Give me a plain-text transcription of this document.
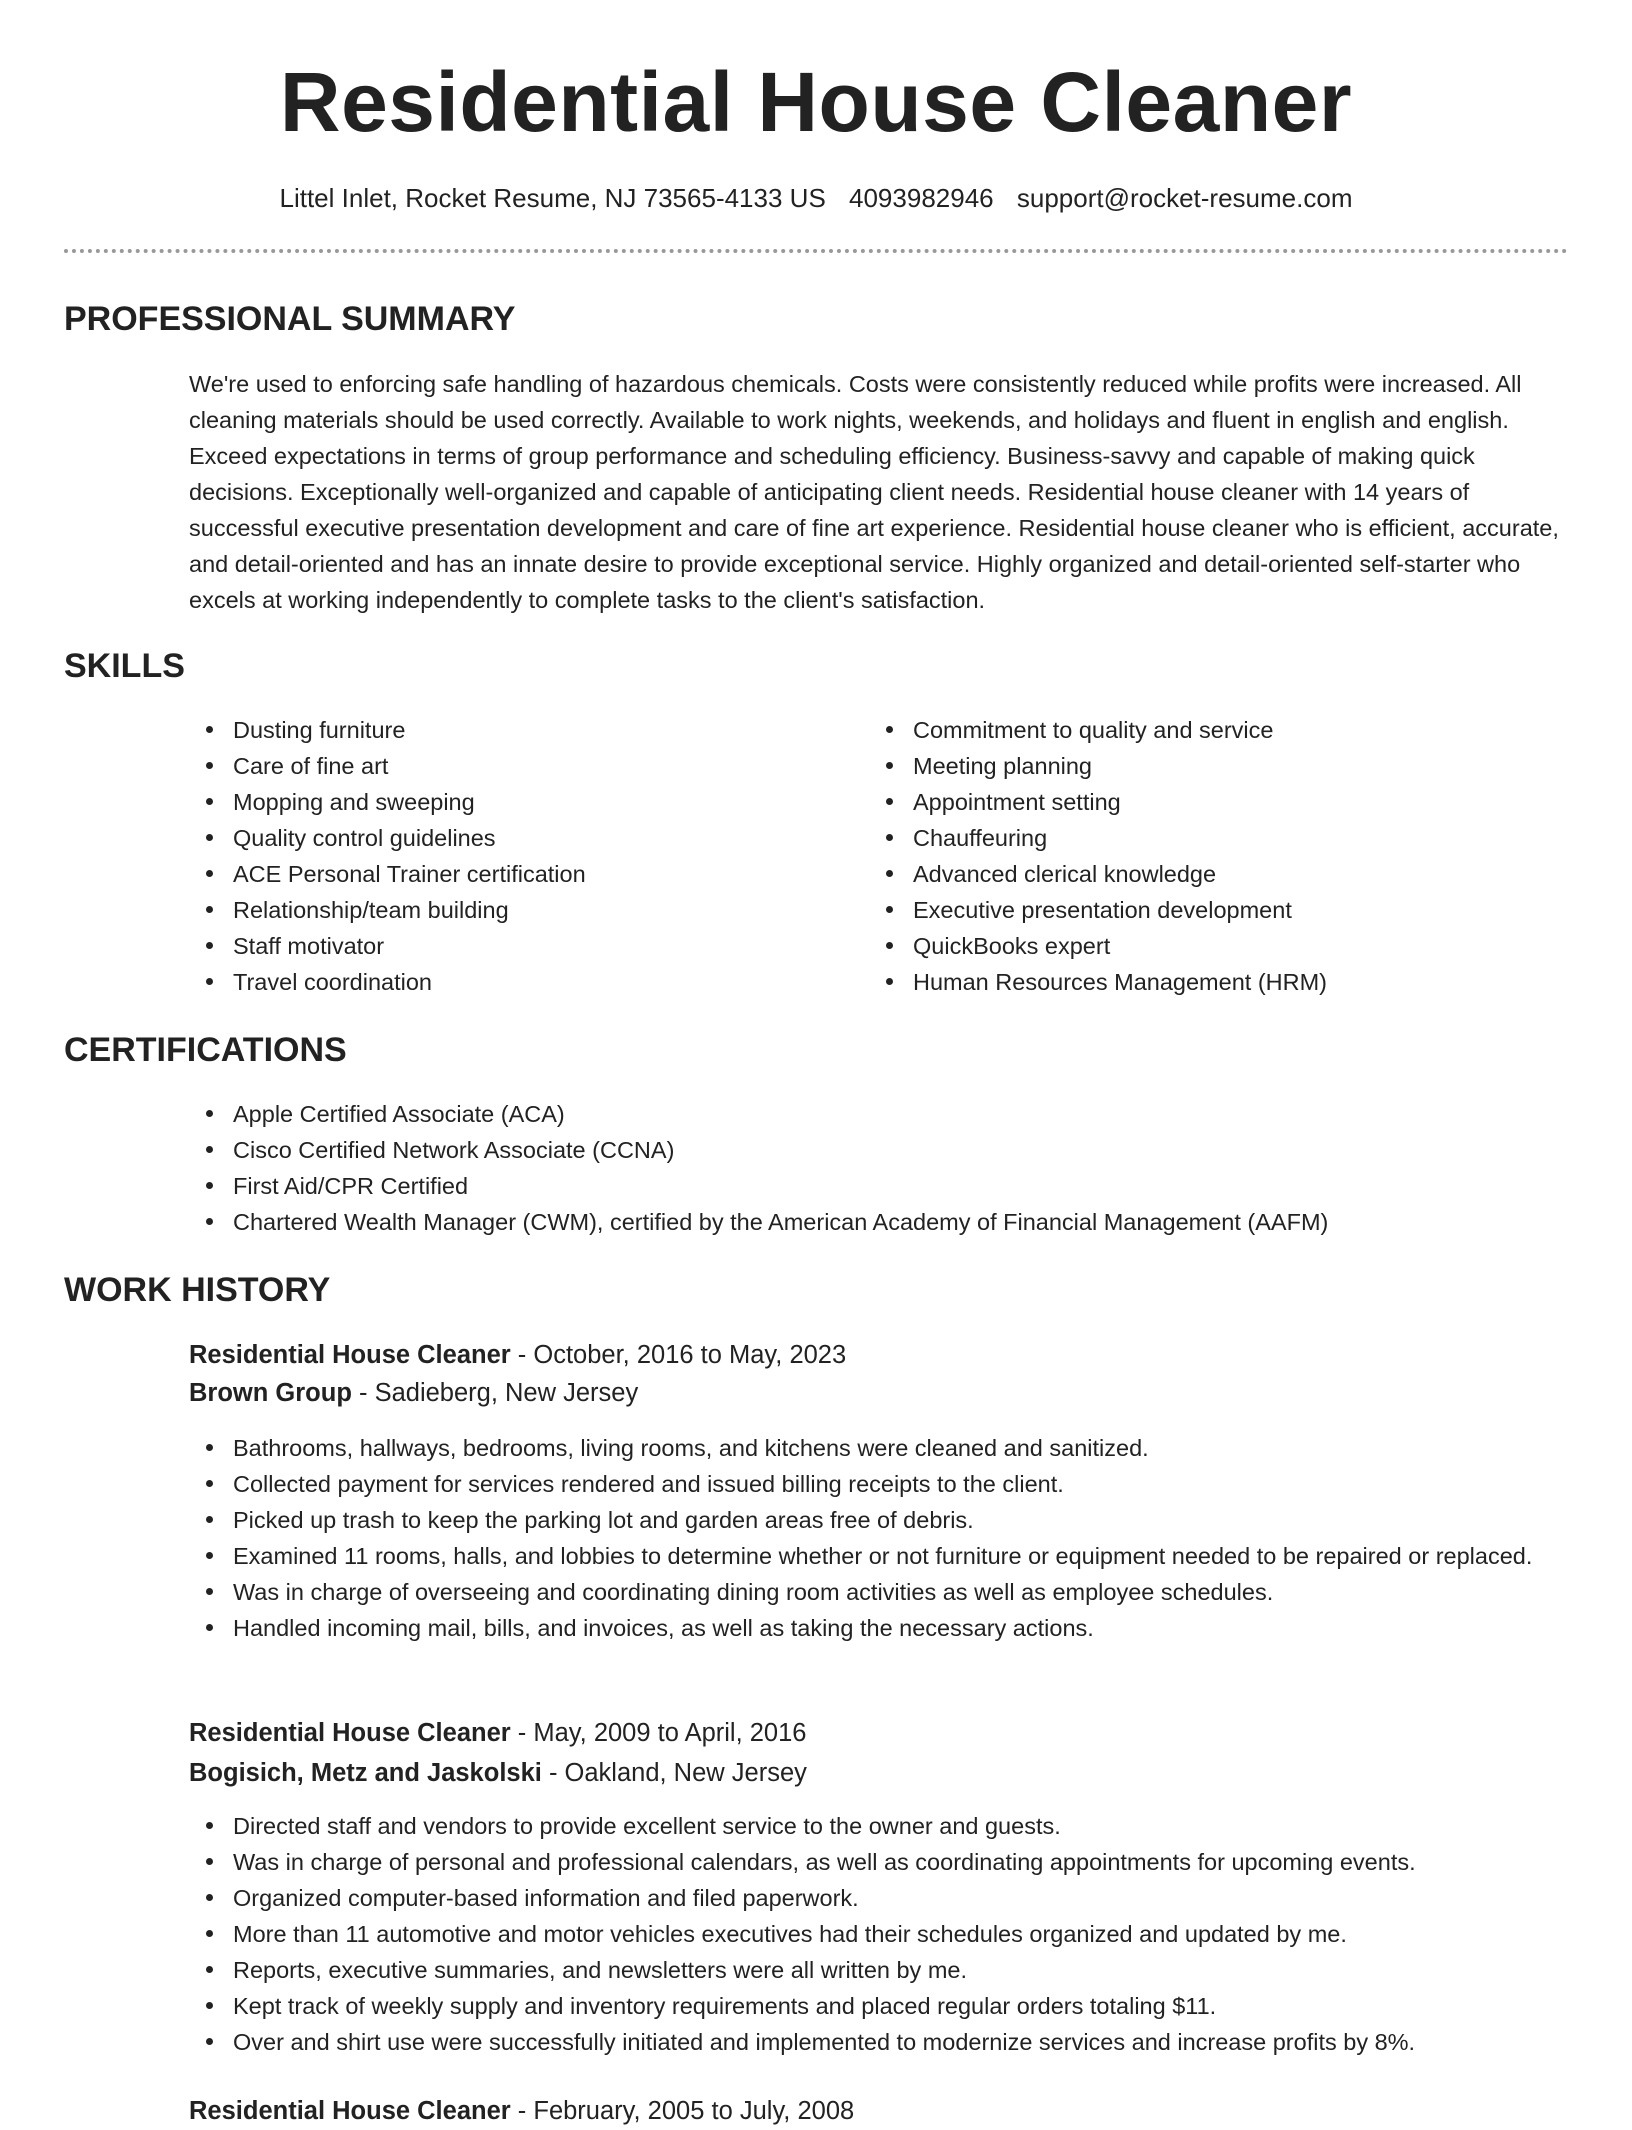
Residential House Cleaner
Littel Inlet, Rocket Resume, NJ 73565-4133 US 4093982946 support@rocket-resume.com
PROFESSIONAL SUMMARY

We're used to enforcing safe handling of hazardous chemicals. Costs were consistently reduced while profits were increased. All cleaning materials should be used correctly. Available to work nights, weekends, and holidays and fluent in english and english. Exceed expectations in terms of group performance and scheduling efficiency. Business-savvy and capable of making quick decisions. Exceptionally well-organized and capable of anticipating client needs. Residential house cleaner with 14 years of successful executive presentation development and care of fine art experience. Residential house cleaner who is efficient, accurate, and detail-oriented and has an innate desire to provide exceptional service. Highly organized and detail-oriented self-starter who excels at working independently to complete tasks to the client's satisfaction.

SKILLS
Dusting furniture
Care of fine art
Mopping and sweeping
Quality control guidelines
ACE Personal Trainer certification
Relationship/team building
Staff motivator
Travel coordination
Commitment to quality and service
Meeting planning
Appointment setting
Chauffeuring
Advanced clerical knowledge
Executive presentation development
QuickBooks expert
Human Resources Management (HRM)
CERTIFICATIONS
Apple Certified Associate (ACA)
Cisco Certified Network Associate (CCNA)
First Aid/CPR Certified
Chartered Wealth Manager (CWM), certified by the American Academy of Financial Management (AAFM)
WORK HISTORY
Residential House Cleaner - October, 2016 to May, 2023
Brown Group - Sadieberg, New Jersey
Bathrooms, hallways, bedrooms, living rooms, and kitchens were cleaned and sanitized.
Collected payment for services rendered and issued billing receipts to the client.
Picked up trash to keep the parking lot and garden areas free of debris.
Examined 11 rooms, halls, and lobbies to determine whether or not furniture or equipment needed to be repaired or replaced.
Was in charge of overseeing and coordinating dining room activities as well as employee schedules.
Handled incoming mail, bills, and invoices, as well as taking the necessary actions.
Residential House Cleaner - May, 2009 to April, 2016
Bogisich, Metz and Jaskolski - Oakland, New Jersey
Directed staff and vendors to provide excellent service to the owner and guests.
Was in charge of personal and professional calendars, as well as coordinating appointments for upcoming events.
Organized computer-based information and filed paperwork.
More than 11 automotive and motor vehicles executives had their schedules organized and updated by me.
Reports, executive summaries, and newsletters were all written by me.
Kept track of weekly supply and inventory requirements and placed regular orders totaling $11.
Over and shirt use were successfully initiated and implemented to modernize services and increase profits by 8%.
Residential House Cleaner - February, 2005 to July, 2008
